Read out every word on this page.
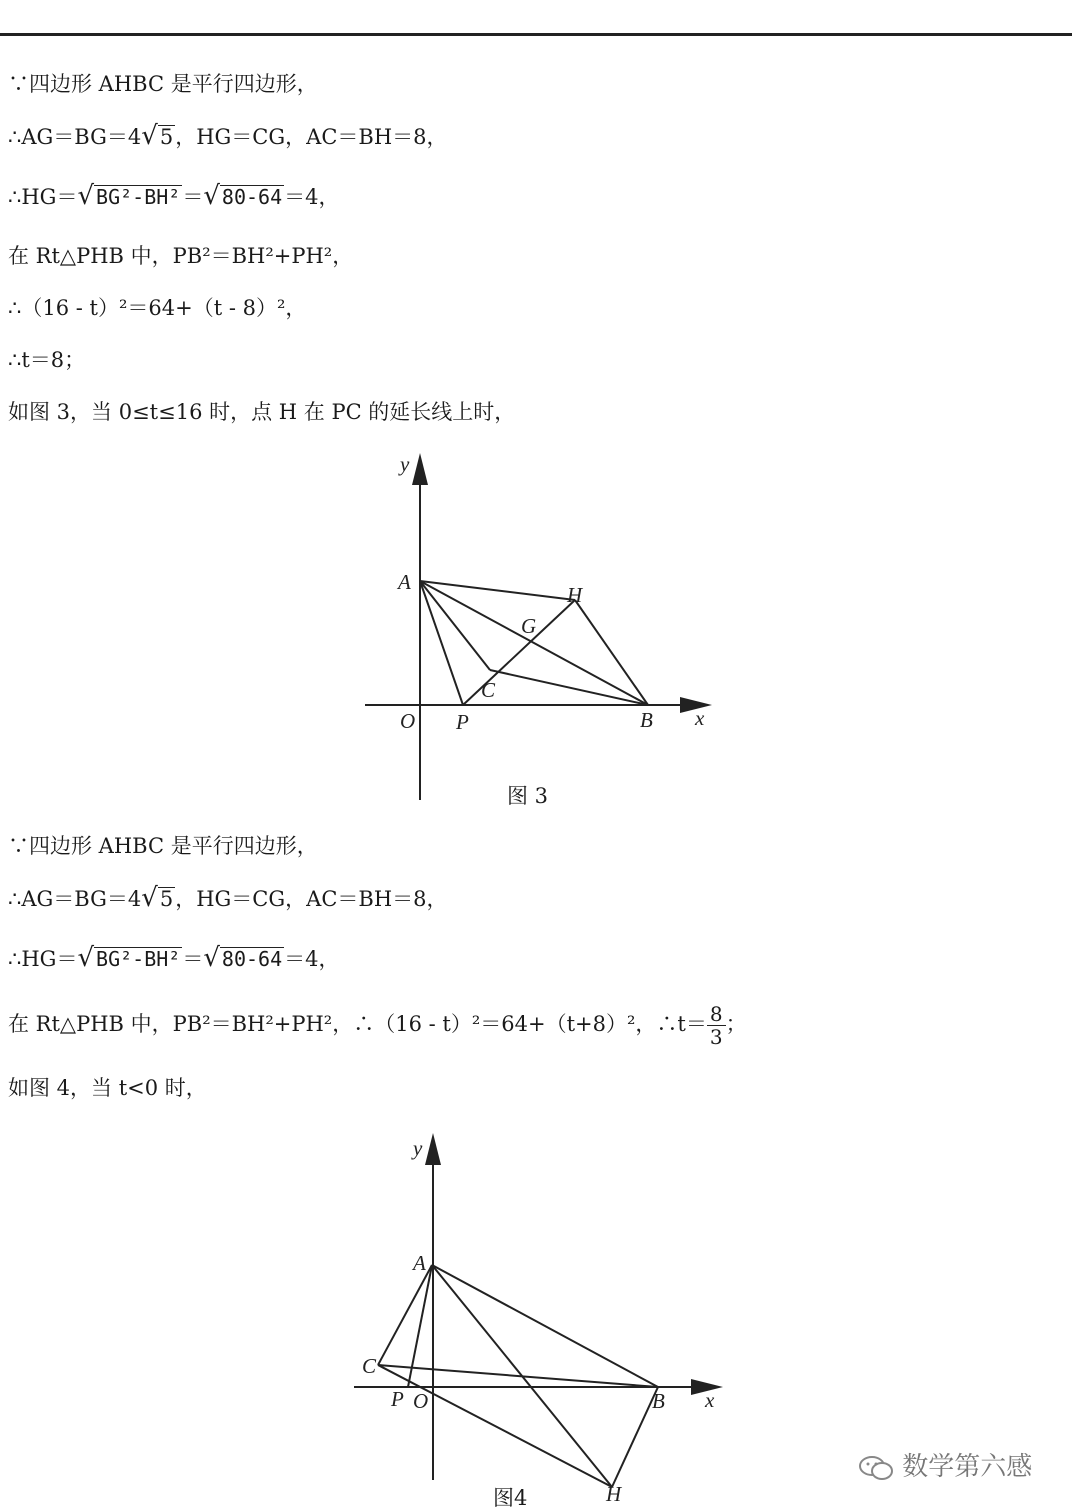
∵四边形 AHBC 是平行四边形，
∴AG＝BG＝4√5，HG＝CG，AC＝BH＝8，
∴HG＝√ BG²-BH²＝√ 80-64＝4，
在 Rt△PHB 中，PB²＝BH²+PH²，
∴（16 - t）²＝64+（t - 8）²，
∴t＝8；
如图 3，当 0≤t≤16 时，点 H 在 PC 的延长线上时，
y
x
O
A
H
G
C
P	B
图 3
∵四边形 AHBC 是平行四边形，
∴AG＝BG＝4√5，HG＝CG，AC＝BH＝8，
∴HG＝√ BG²-BH²＝√ 80-64＝4，
在 Rt△PHB 中，PB²＝BH²+PH²，∴（16 - t）²＝64+（t+8）²，∴t＝ $\frac{8}{3}$ ；
如图 4，当 t<0 时，
y
x
A
C
P O	B
H
图4
数学第六感
